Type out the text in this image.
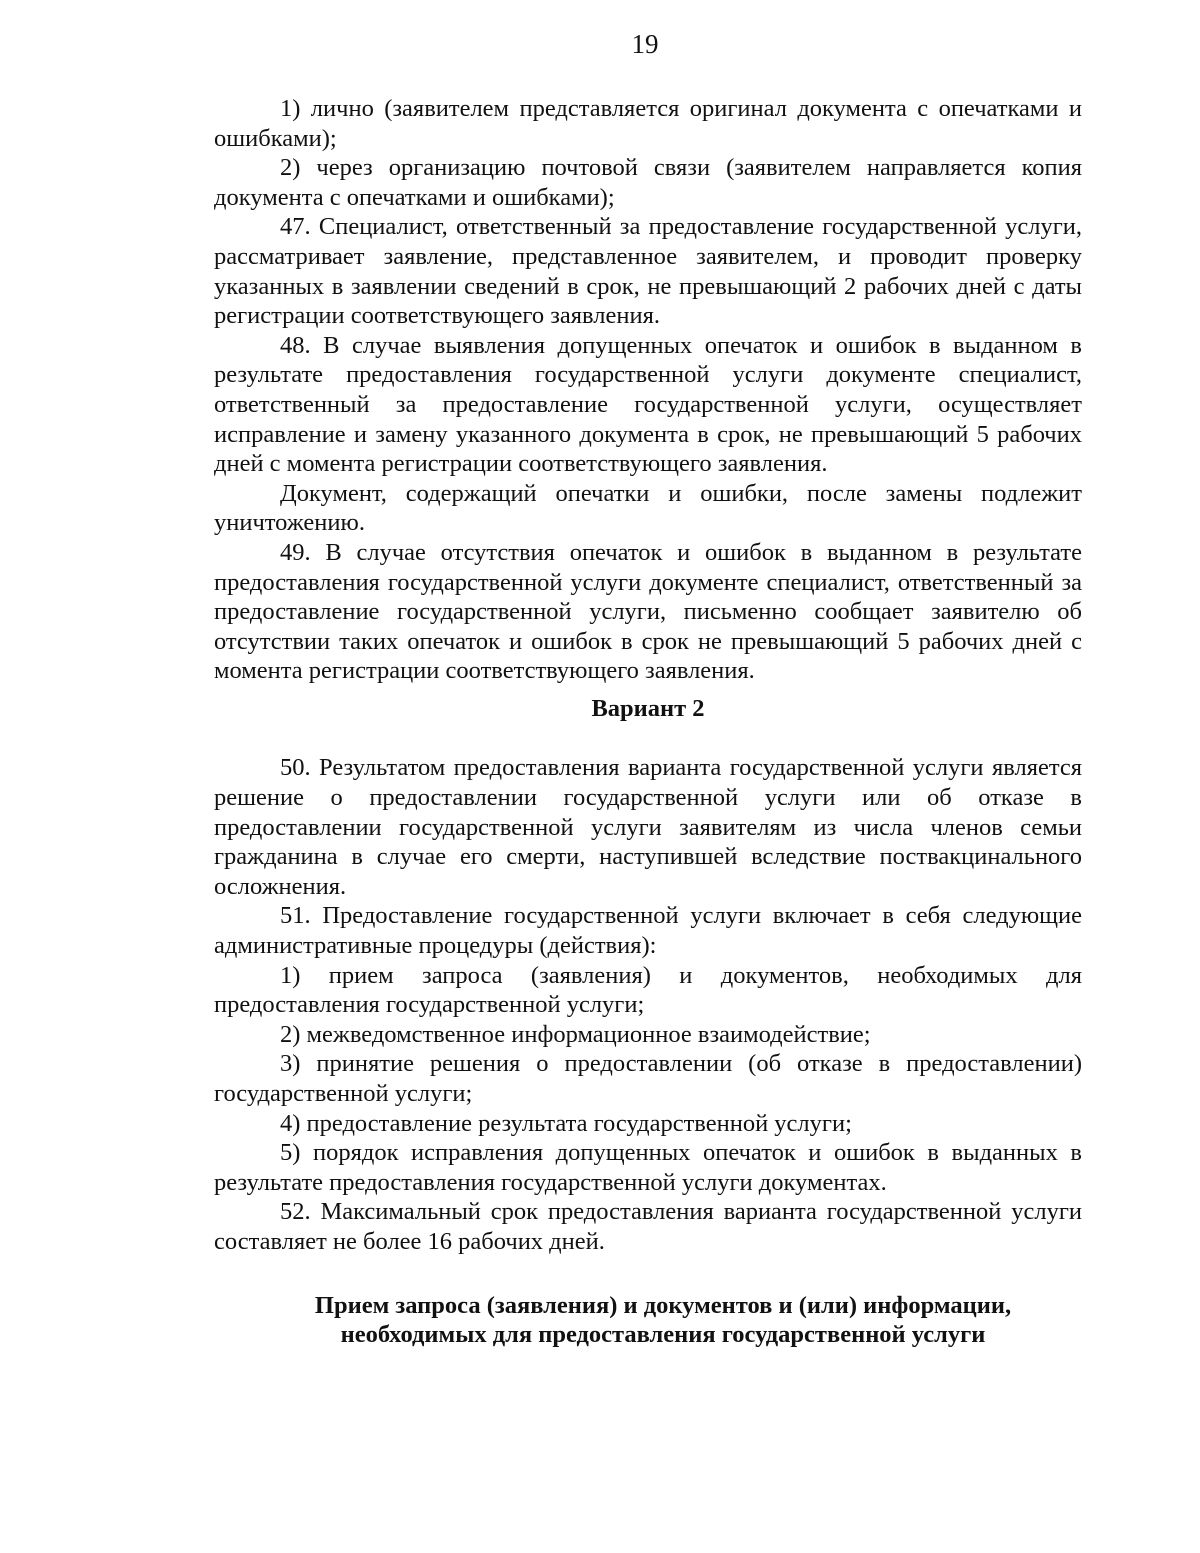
19

1) лично (заявителем представляется оригинал документа с опечатками и ошибками);

2) через организацию почтовой связи (заявителем направляется копия документа с опечатками и ошибками);

47. Специалист, ответственный за предоставление государственной услуги, рассматривает заявление, представленное заявителем, и проводит проверку указанных в заявлении сведений в срок, не превышающий 2 рабочих дней с даты регистрации соответствующего заявления.

48. В случае выявления допущенных опечаток и ошибок в выданном в результате предоставления государственной услуги документе специалист, ответственный за предоставление государственной услуги, осуществляет исправление и замену указанного документа в срок, не превышающий 5 рабочих дней с момента регистрации соответствующего заявления.

Документ, содержащий опечатки и ошибки, после замены подлежит уничтожению.

49. В случае отсутствия опечаток и ошибок в выданном в результате предоставления государственной услуги документе специалист, ответственный за предоставление государственной услуги, письменно сообщает заявителю об отсутствии таких опечаток и ошибок в срок не превышающий 5 рабочих дней с момента регистрации соответствующего заявления.

Вариант 2

50. Результатом предоставления варианта государственной услуги является решение о предоставлении государственной услуги или об отказе в предоставлении государственной услуги заявителям из числа членов семьи гражданина в случае его смерти, наступившей вследствие поствакцинального осложнения.

51. Предоставление государственной услуги включает в себя следующие административные процедуры (действия):

1) прием запроса (заявления) и документов, необходимых для предоставления государственной услуги;

2) межведомственное информационное взаимодействие;

3) принятие решения о предоставлении (об отказе в предоставлении) государственной услуги;

4) предоставление результата государственной услуги;

5) порядок исправления допущенных опечаток и ошибок в выданных в результате предоставления государственной услуги документах.

52. Максимальный срок предоставления варианта государственной услуги составляет не более 16 рабочих дней.

Прием запроса (заявления) и документов и (или) информации,
необходимых для предоставления государственной услуги
